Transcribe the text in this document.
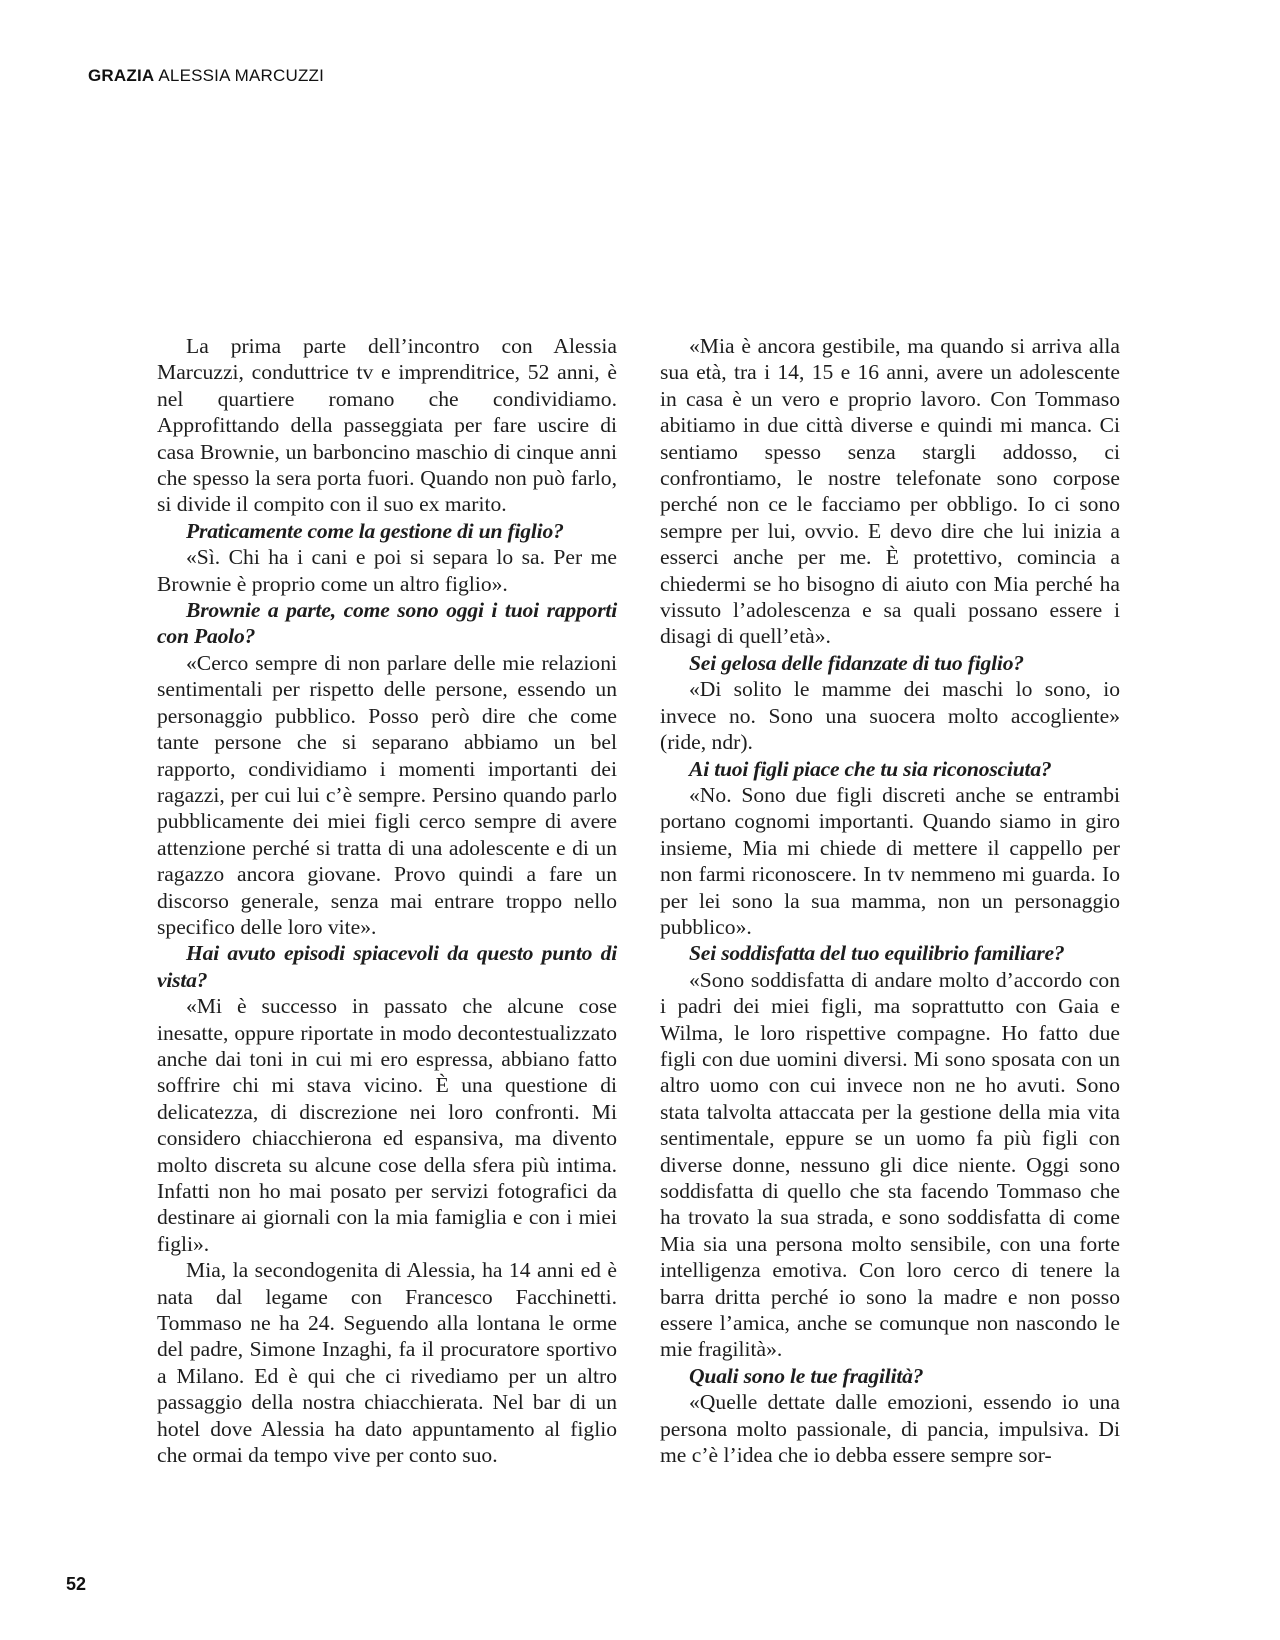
GRAZIA ALESSIA MARCUZZI

La prima parte dell’incontro con Alessia Marcuzzi, conduttrice tv e imprenditrice, 52 anni, è nel quartiere romano che condividiamo. Approfittando della passeggiata per fare uscire di casa Brownie, un barboncino maschio di cinque anni che spesso la sera porta fuori. Quando non può farlo, si divide il compito con il suo ex marito.

Praticamente come la gestione di un figlio?

«Sì. Chi ha i cani e poi si separa lo sa. Per me Brownie è proprio come un altro figlio».

Brownie a parte, come sono oggi i tuoi rapporti con Paolo?

«Cerco sempre di non parlare delle mie relazioni sentimentali per rispetto delle persone, essendo un personaggio pubblico. Posso però dire che come tante persone che si separano abbiamo un bel rapporto, condividiamo i momenti importanti dei ragazzi, per cui lui c’è sempre. Persino quando parlo pubblicamente dei miei figli cerco sempre di avere attenzione perché si tratta di una adolescente e di un ragazzo ancora giovane. Provo quindi a fare un discorso generale, senza mai entrare troppo nello specifico delle loro vite».

Hai avuto episodi spiacevoli da questo punto di vista?

«Mi è successo in passato che alcune cose inesatte, oppure riportate in modo decontestualizzato anche dai toni in cui mi ero espressa, abbiano fatto soffrire chi mi stava vicino. È una questione di delicatezza, di discrezione nei loro confronti. Mi considero chiacchierona ed espansiva, ma divento molto discreta su alcune cose della sfera più intima. Infatti non ho mai posato per servizi fotografici da destinare ai giornali con la mia famiglia e con i miei figli».

Mia, la secondogenita di Alessia, ha 14 anni ed è nata dal legame con Francesco Facchinetti. Tommaso ne ha 24. Seguendo alla lontana le orme del padre, Simone Inzaghi, fa il procuratore sportivo a Milano. Ed è qui che ci rivediamo per un altro passaggio della nostra chiacchierata. Nel bar di un hotel dove Alessia ha dato appuntamento al figlio che ormai da tempo vive per conto suo.

«Mia è ancora gestibile, ma quando si arriva alla sua età, tra i 14, 15 e 16 anni, avere un adolescente in casa è un vero e proprio lavoro. Con Tommaso abitiamo in due città diverse e quindi mi manca. Ci sentiamo spesso senza stargli addosso, ci confrontiamo, le nostre telefonate sono corpose perché non ce le facciamo per obbligo. Io ci sono sempre per lui, ovvio. E devo dire che lui inizia a esserci anche per me. È protettivo, comincia a chiedermi se ho bisogno di aiuto con Mia perché ha vissuto l’adolescenza e sa quali possano essere i disagi di quell’età».

Sei gelosa delle fidanzate di tuo figlio?

«Di solito le mamme dei maschi lo sono, io invece no. Sono una suocera molto accogliente» (ride, ndr).

Ai tuoi figli piace che tu sia riconosciuta?

«No. Sono due figli discreti anche se entrambi portano cognomi importanti. Quando siamo in giro insieme, Mia mi chiede di mettere il cappello per non farmi riconoscere. In tv nemmeno mi guarda. Io per lei sono la sua mamma, non un personaggio pubblico».

Sei soddisfatta del tuo equilibrio familiare?

«Sono soddisfatta di andare molto d’accordo con i padri dei miei figli, ma soprattutto con Gaia e Wilma, le loro rispettive compagne. Ho fatto due figli con due uomini diversi. Mi sono sposata con un altro uomo con cui invece non ne ho avuti. Sono stata talvolta attaccata per la gestione della mia vita sentimentale, eppure se un uomo fa più figli con diverse donne, nessuno gli dice niente. Oggi sono soddisfatta di quello che sta facendo Tommaso che ha trovato la sua strada, e sono soddisfatta di come Mia sia una persona molto sensibile, con una forte intelligenza emotiva. Con loro cerco di tenere la barra dritta perché io sono la madre e non posso essere l’amica, anche se comunque non nascondo le mie fragilità».

Quali sono le tue fragilità?

«Quelle dettate dalle emozioni, essendo io una persona molto passionale, di pancia, impulsiva. Di me c’è l’idea che io debba essere sempre sor-

52
